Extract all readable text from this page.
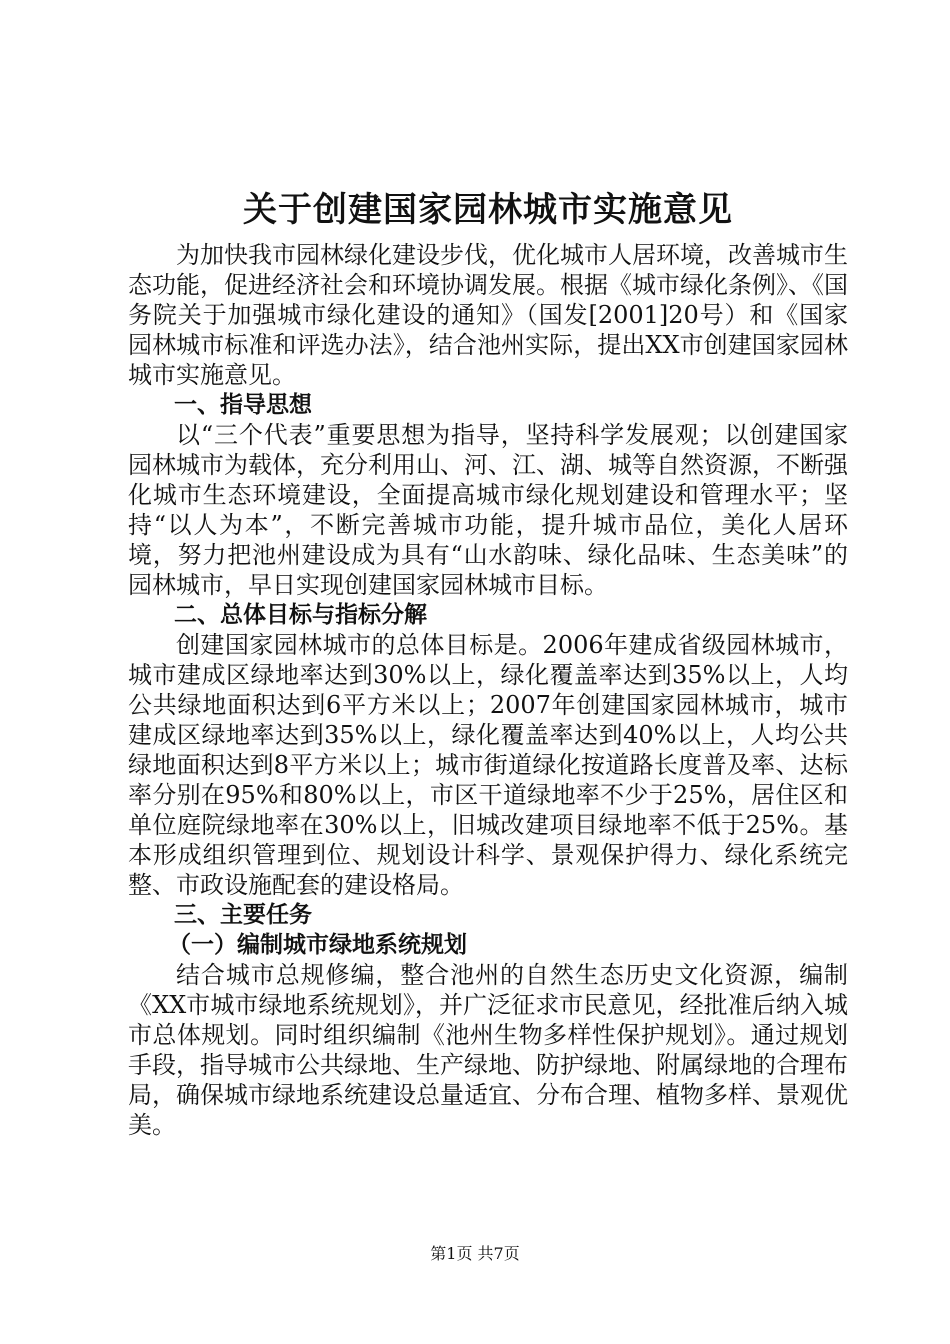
关于创建国家园林城市实施意见

为加快我市园林绿化建设步伐，优化城市人居环境，改善城市生态功能，促进经济社会和环境协调发展。根据《城市绿化条例》、《国务院关于加强城市绿化建设的通知》（国发[2001]20号）和《国家园林城市标准和评选办法》，结合池州实际，提出XX市创建国家园林城市实施意见。

一、指导思想

以“三个代表”重要思想为指导，坚持科学发展观；以创建国家园林城市为载体，充分利用山、河、江、湖、城等自然资源，不断强化城市生态环境建设，全面提高城市绿化规划建设和管理水平；坚持“以人为本”，不断完善城市功能，提升城市品位，美化人居环境，努力把池州建设成为具有“山水韵味、绿化品味、生态美味”的园林城市，早日实现创建国家园林城市目标。

二、总体目标与指标分解

创建国家园林城市的总体目标是。2006年建成省级园林城市，城市建成区绿地率达到30%以上，绿化覆盖率达到35%以上，人均公共绿地面积达到6平方米以上；2007年创建国家园林城市，城市建成区绿地率达到35%以上，绿化覆盖率达到40%以上，人均公共绿地面积达到8平方米以上；城市街道绿化按道路长度普及率、达标率分别在95%和80%以上，市区干道绿地率不少于25%，居住区和单位庭院绿地率在30%以上，旧城改建项目绿地率不低于25%。基本形成组织管理到位、规划设计科学、景观保护得力、绿化系统完整、市政设施配套的建设格局。

三、主要任务
（一）编制城市绿地系统规划

结合城市总规修编，整合池州的自然生态历史文化资源，编制《XX市城市绿地系统规划》，并广泛征求市民意见，经批准后纳入城市总体规划。同时组织编制《池州生物多样性保护规划》。通过规划手段，指导城市公共绿地、生产绿地、防护绿地、附属绿地的合理布局，确保城市绿地系统建设总量适宜、分布合理、植物多样、景观优美。

第1页 共7页
